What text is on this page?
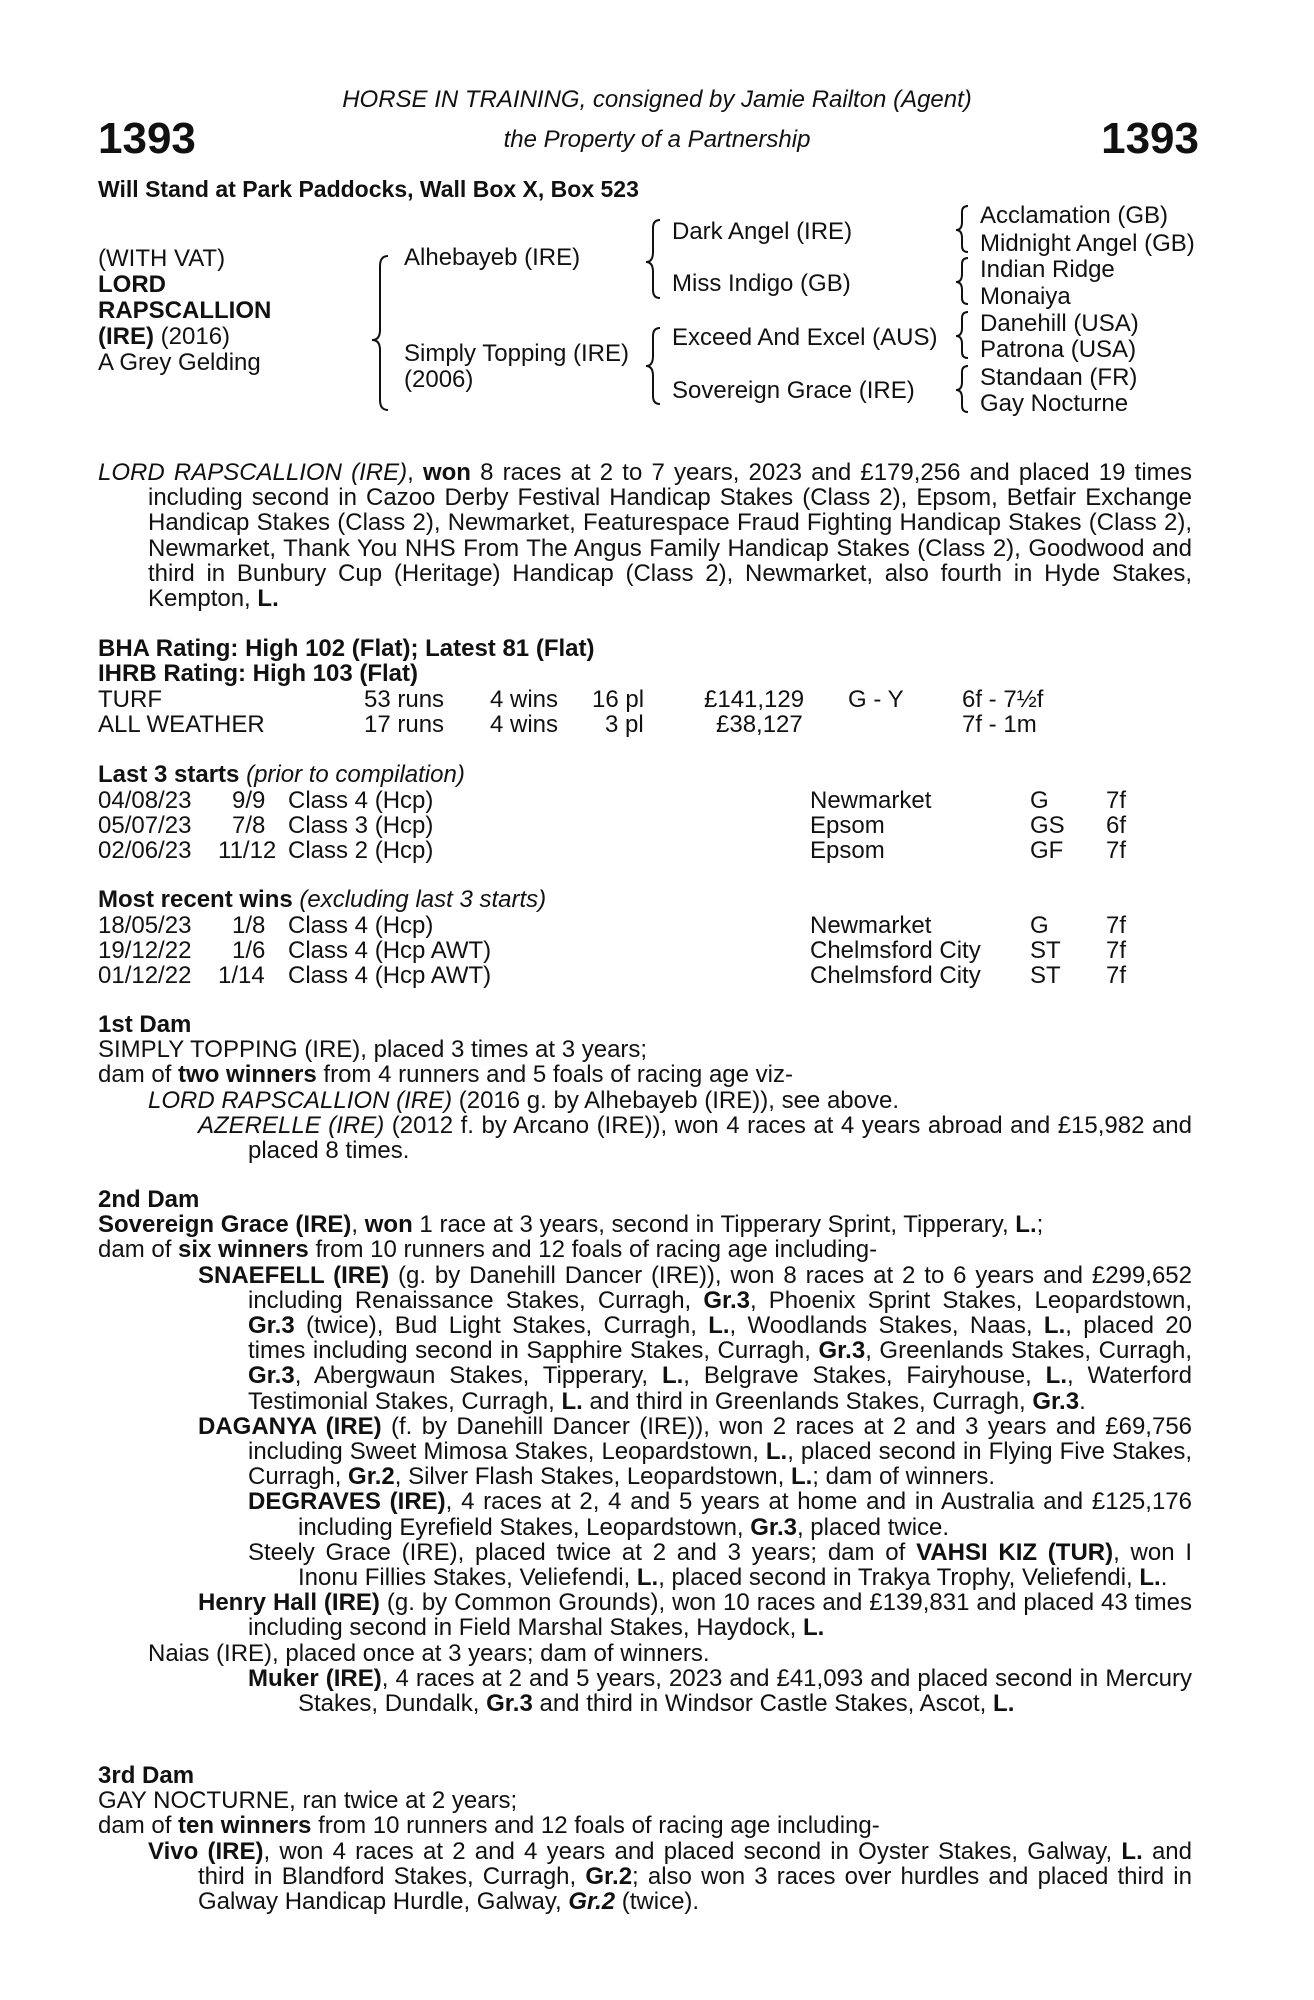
1393	1393
HORSE IN TRAINING, consigned by Jamie Railton (Agent)
the Property of a Partnership
Will Stand at Park Paddocks, Wall Box X, Box 523
(WITH VAT)
LORD
RAPSCALLION
(IRE) (2016)
A Grey Gelding
Alhebayeb (IRE)
Simply Topping (IRE)
(2006)
Dark Angel (IRE)
Miss Indigo (GB)
Exceed And Excel (AUS)
Sovereign Grace (IRE)
Acclamation (GB)
Midnight Angel (GB)
Indian Ridge
Monaiya
Danehill (USA)
Patrona (USA)
Standaan (FR)
Gay Nocturne

LORD RAPSCALLION (IRE), won 8 races at 2 to 7 years, 2023 and £179,256 and placed 19 times including second in Cazoo Derby Festival Handicap Stakes (Class 2), Epsom, Betfair Exchange Handicap Stakes (Class 2), Newmarket, Featurespace Fraud Fighting Handicap Stakes (Class 2), Newmarket, Thank You NHS From The Angus Family Handicap Stakes (Class 2), Goodwood and third in Bunbury Cup (Heritage) Handicap (Class 2), Newmarket, also fourth in Hyde Stakes, Kempton, L.

BHA Rating: High 102 (Flat); Latest 81 (Flat)
IHRB Rating: High 103 (Flat)
TURF	53 runs 4 wins 16 pl £141,129 G - Y 6f - 7½f
ALL WEATHER	17 runs 4 wins 3 pl	£38,127	7f - 1m
Last 3 starts (prior to compilation)
04/08/23 9/9 Class 4 (Hcp)	Newmarket	G 7f
05/07/23 7/8 Class 3 (Hcp)	Epsom	GS 6f
02/06/23 11/12 Class 2 (Hcp)	Epsom	GF 7f
Most recent wins (excluding last 3 starts)
18/05/23 1/8 Class 4 (Hcp)	Newmarket	G 7f
19/12/22 1/6 Class 4 (Hcp AWT)	Chelmsford City ST 7f
01/12/22 1/14 Class 4 (Hcp AWT)	Chelmsford City ST 7f

1st Dam

SIMPLY TOPPING (IRE), placed 3 times at 3 years;

dam of two winners from 4 runners and 5 foals of racing age viz-

LORD RAPSCALLION (IRE) (2016 g. by Alhebayeb (IRE)), see above.

AZERELLE (IRE) (2012 f. by Arcano (IRE)), won 4 races at 4 years abroad and £15,982 and placed 8 times.

2nd Dam

Sovereign Grace (IRE), won 1 race at 3 years, second in Tipperary Sprint, Tipperary, L.;

dam of six winners from 10 runners and 12 foals of racing age including-

SNAEFELL (IRE) (g. by Danehill Dancer (IRE)), won 8 races at 2 to 6 years and £299,652 including Renaissance Stakes, Curragh, Gr.3, Phoenix Sprint Stakes, Leopardstown, Gr.3 (twice), Bud Light Stakes, Curragh, L., Woodlands Stakes, Naas, L., placed 20 times including second in Sapphire Stakes, Curragh, Gr.3, Greenlands Stakes, Curragh, Gr.3, Abergwaun Stakes, Tipperary, L., Belgrave Stakes, Fairyhouse, L., Waterford Testimonial Stakes, Curragh, L. and third in Greenlands Stakes, Curragh, Gr.3.

DAGANYA (IRE) (f. by Danehill Dancer (IRE)), won 2 races at 2 and 3 years and £69,756 including Sweet Mimosa Stakes, Leopardstown, L., placed second in Flying Five Stakes, Curragh, Gr.2, Silver Flash Stakes, Leopardstown, L.; dam of winners.

DEGRAVES (IRE), 4 races at 2, 4 and 5 years at home and in Australia and £125,176 including Eyrefield Stakes, Leopardstown, Gr.3, placed twice.

Steely Grace (IRE), placed twice at 2 and 3 years; dam of VAHSI KIZ (TUR), won I Inonu Fillies Stakes, Veliefendi, L., placed second in Trakya Trophy, Veliefendi, L..

Henry Hall (IRE) (g. by Common Grounds), won 10 races and £139,831 and placed 43 times including second in Field Marshal Stakes, Haydock, L.

Naias (IRE), placed once at 3 years; dam of winners.

Muker (IRE), 4 races at 2 and 5 years, 2023 and £41,093 and placed second in Mercury Stakes, Dundalk, Gr.3 and third in Windsor Castle Stakes, Ascot, L.

3rd Dam

GAY NOCTURNE, ran twice at 2 years;

dam of ten winners from 10 runners and 12 foals of racing age including-

Vivo (IRE), won 4 races at 2 and 4 years and placed second in Oyster Stakes, Galway, L. and third in Blandford Stakes, Curragh, Gr.2; also won 3 races over hurdles and placed third in Galway Handicap Hurdle, Galway, Gr.2 (twice).
